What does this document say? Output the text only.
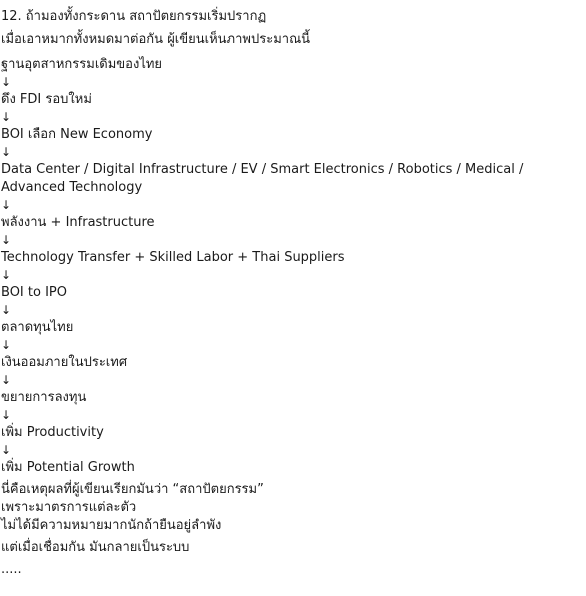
12. ถ้ามองทั้งกระดาน สถาปัตยกรรมเริ่มปรากฏ
เมื่อเอาหมากทั้งหมดมาต่อกัน ผู้เขียนเห็นภาพประมาณนี้
ฐานอุตสาหกรรมเดิมของไทย
↓
ดึง FDI รอบใหม่
↓
BOI เลือก New Economy
↓
Data Center / Digital Infrastructure / EV / Smart Electronics / Robotics / Medical / Advanced Technology
↓
พลังงาน + Infrastructure
↓
Technology Transfer + Skilled Labor + Thai Suppliers
↓
BOI to IPO
↓
ตลาดทุนไทย
↓
เงินออมภายในประเทศ
↓
ขยายการลงทุน
↓
เพิ่ม Productivity
↓
เพิ่ม Potential Growth
นี่คือเหตุผลที่ผู้เขียนเรียกมันว่า “สถาปัตยกรรม”
เพราะมาตรการแต่ละตัว
ไม่ได้มีความหมายมากนักถ้ายืนอยู่ลำพัง
แต่เมื่อเชื่อมกัน มันกลายเป็นระบบ
.....
